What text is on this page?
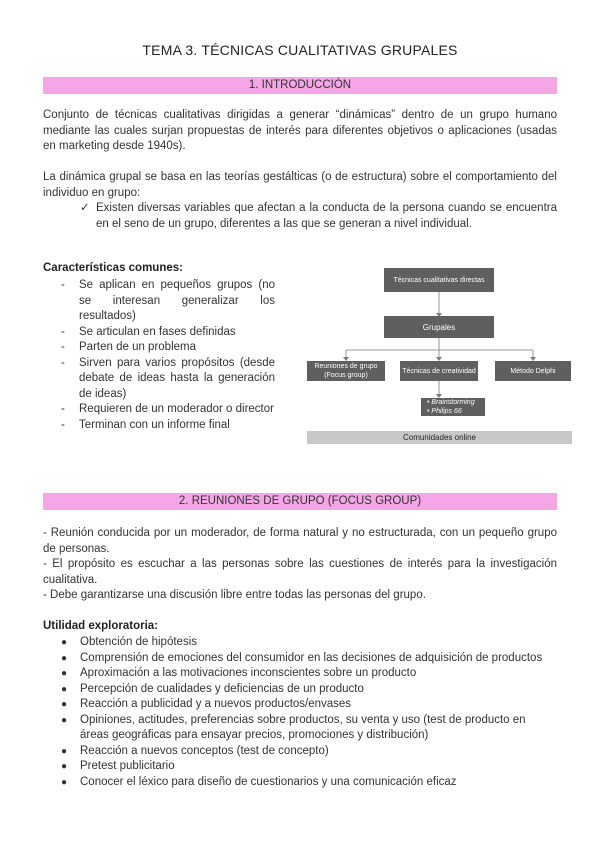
TEMA 3. TÉCNICAS CUALITATIVAS GRUPALES
1. INTRODUCCIÓN
Conjunto de técnicas cualitativas dirigidas a generar “dinámicas” dentro de un grupo humano mediante las cuales surjan propuestas de interés para diferentes objetivos o aplicaciones (usadas en marketing desde 1940s).
La dinámica grupal se basa en las teorías gestálticas (o de estructura) sobre el comportamiento del individuo en grupo:
✓ Existen diversas variables que afectan a la conducta de la persona cuando se encuentra en el seno de un grupo, diferentes a las que se generan a nivel individual.
Características comunes:
- Se aplican en pequeños grupos (no se interesan generalizar los resultados)
- Se articulan en fases definidas
- Parten de un problema
- Sirven para varios propósitos (desde debate de ideas hasta la generación de ideas)
- Requieren de un moderador o director
- Terminan con un informe final
Técnicas cualitativas directas
Grupales
Reuniones de grupo (Focus group)
Técnicas de creatividad	Método Delphi
• Brainstorming
• Philips 66
Comunidades online
2. REUNIONES DE GRUPO (FOCUS GROUP)
- Reunión conducida por un moderador, de forma natural y no estructurada, con un pequeño grupo de personas.
- El propósito es escuchar a las personas sobre las cuestiones de interés para la investigación cualitativa.
- Debe garantizarse una discusión libre entre todas las personas del grupo.
Utilidad exploratoria:
● Obtención de hipótesis
● Comprensión de emociones del consumidor en las decisiones de adquisición de productos
● Aproximación a las motivaciones inconscientes sobre un producto
● Percepción de cualidades y deficiencias de un producto
● Reacción a publicidad y a nuevos productos/envases
● Opiniones, actitudes, preferencias sobre productos, su venta y uso (test de producto en áreas geográficas para ensayar precios, promociones y distribución)
● Reacción a nuevos conceptos (test de concepto)
● Pretest publicitario
● Conocer el léxico para diseño de cuestionarios y una comunicación eficaz
